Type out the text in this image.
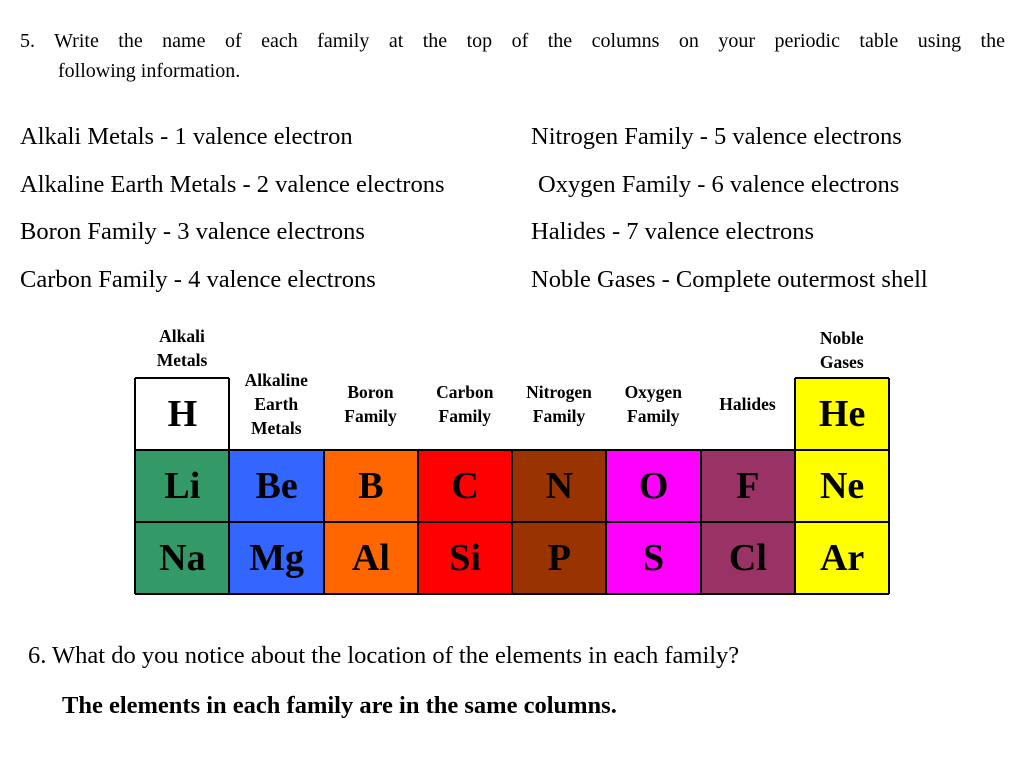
5. Write the name of each family at the top of the columns on your periodic table using the
following information.
Alkali Metals - 1 valence electron
Alkaline Earth Metals - 2 valence electrons
Boron Family - 3 valence electrons
Carbon Family - 4 valence electrons
Nitrogen Family - 5 valence electrons
Oxygen Family - 6 valence electrons
Halides - 7 valence electrons
Noble Gases - Complete outermost shell
Alkali
Metals
H
Li
Na
Alkaline
Earth
Metals
Be
Mg
Boron
Family
B
Al
Carbon
Family
C
Si
Nitrogen
Family
N
P
Oxygen
Family
O
S
Halides
F
Cl
Noble
Gases
He
Ne
Ar
6. What do you notice about the location of the elements in each family?
The elements in each family are in the same columns.
